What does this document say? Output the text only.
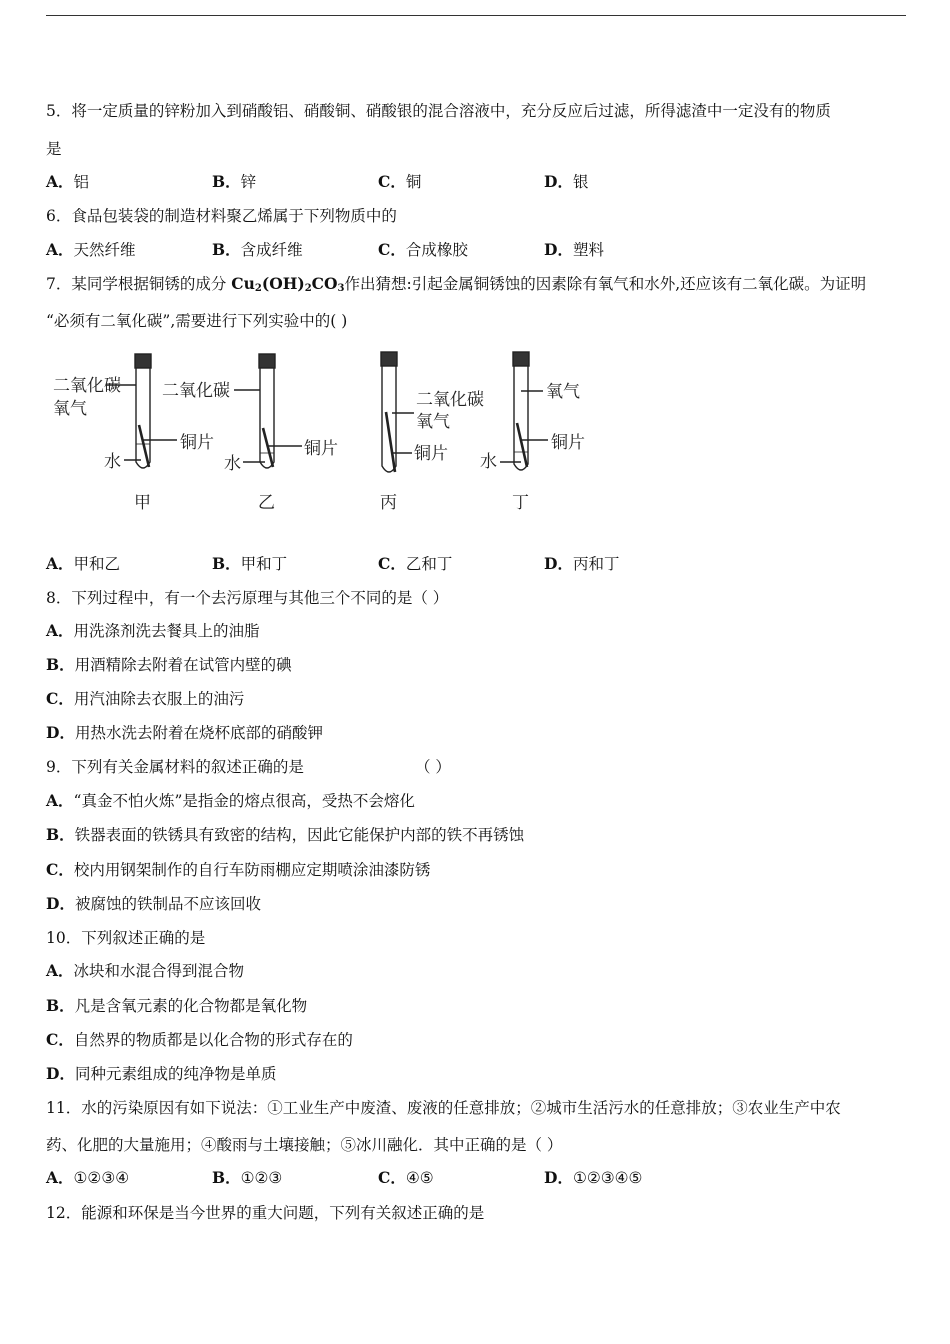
5．将一定质量的锌粉加入到硝酸铝、硝酸铜、硝酸银的混合溶液中，充分反应后过滤，所得滤渣中一定没有的物质
是
A．铝	B．锌	C．铜	D．银
6．食品包装袋的制造材料聚乙烯属于下列物质中的
A．天然纤维	B．含成纤维	C．合成橡胶	D．塑料
7．某同学根据铜锈的成分 $Cu_2(OH)_2CO_3$作出猜想:引起金属铜锈蚀的因素除有氧气和水外,还应该有二氧化碳。为证明
“必须有二氧化碳”,需要进行下列实验中的( )
二氧化碳
氧气
铜片
水
甲
二氧化碳
铜片
水
乙
二氧化碳
氧气
铜片
丙
氧气
铜片
水
丁
A．甲和乙	B．甲和丁	C．乙和丁	D．丙和丁
8．下列过程中，有一个去污原理与其他三个不同的是（ ）
A．用洗涤剂洗去餐具上的油脂
B．用酒精除去附着在试管内壁的碘
C．用汽油除去衣服上的油污
D．用热水洗去附着在烧杯底部的硝酸钾
9．下列有关金属材料的叙述正确的是	（ ）
A．“真金不怕火炼”是指金的熔点很高，受热不会熔化
B．铁器表面的铁锈具有致密的结构，因此它能保护内部的铁不再锈蚀
C．校内用钢架制作的自行车防雨棚应定期喷涂油漆防锈
D．被腐蚀的铁制品不应该回收
10．下列叙述正确的是
A．冰块和水混合得到混合物
B．凡是含氧元素的化合物都是氧化物
C．自然界的物质都是以化合物的形式存在的
D．同种元素组成的纯净物是单质
11．水的污染原因有如下说法：①工业生产中废渣、废液的任意排放；②城市生活污水的任意排放；③农业生产中农
药、化肥的大量施用；④酸雨与土壤接触；⑤冰川融化．其中正确的是（ ）
A．①②③④	B．①②③	C．④⑤	D．①②③④⑤
12．能源和环保是当今世界的重大问题，下列有关叙述正确的是
